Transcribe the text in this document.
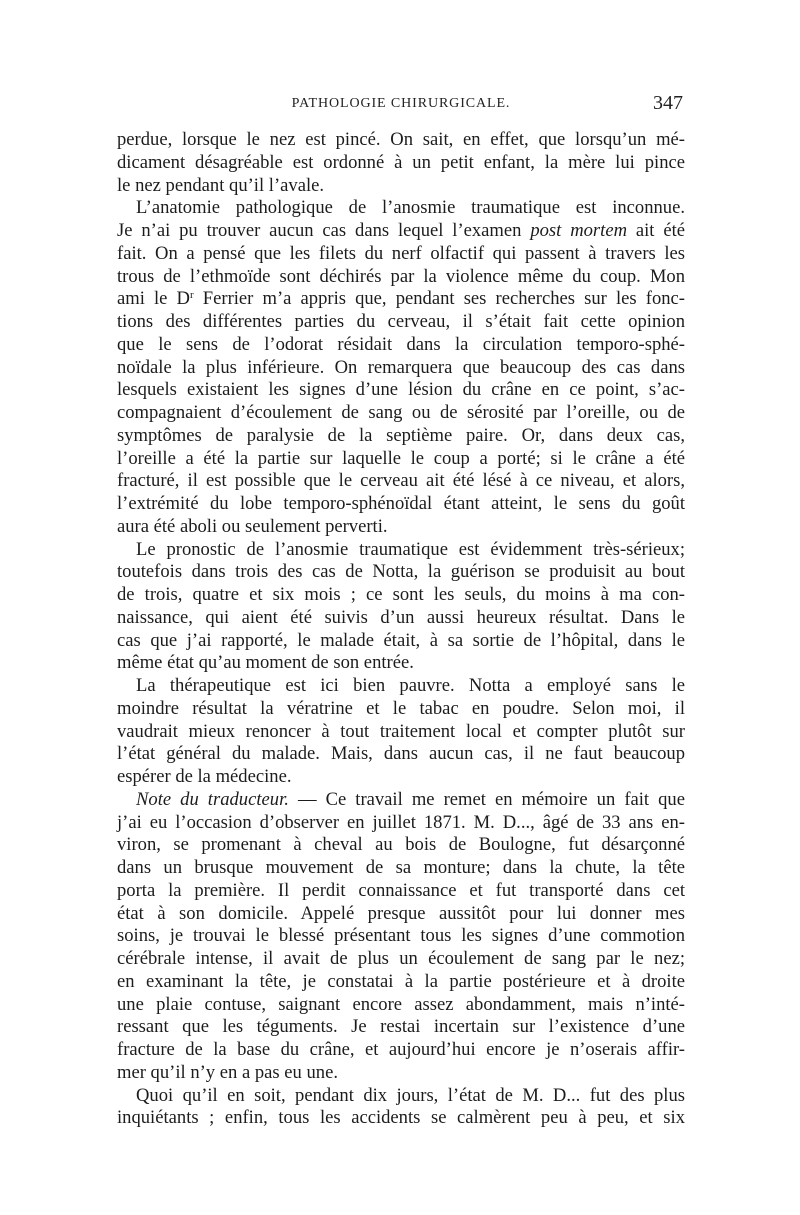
PATHOLOGIE CHIRURGICALE.	347
perdue, lorsque le nez est pincé. On sait, en effet, que lorsqu’un mé-
dicament désagréable est ordonné à un petit enfant, la mère lui pince
le nez pendant qu’il l’avale.
L’anatomie pathologique de l’anosmie traumatique est inconnue.
Je n’ai pu trouver aucun cas dans lequel l’examen post mortem ait été
fait. On a pensé que les filets du nerf olfactif qui passent à travers les
trous de l’ethmoïde sont déchirés par la violence même du coup. Mon
ami le $D^r$ Ferrier m’a appris que, pendant ses recherches sur les fonc-
tions des différentes parties du cerveau, il s’était fait cette opinion
que le sens de l’odorat résidait dans la circulation temporo-sphé-
noïdale la plus inférieure. On remarquera que beaucoup des cas dans
lesquels existaient les signes d’une lésion du crâne en ce point, s’ac-
compagnaient d’écoulement de sang ou de sérosité par l’oreille, ou de
symptômes de paralysie de la septième paire. Or, dans deux cas,
l’oreille a été la partie sur laquelle le coup a porté; si le crâne a été
fracturé, il est possible que le cerveau ait été lésé à ce niveau, et alors,
l’extrémité du lobe temporo-sphénoïdal étant atteint, le sens du goût
aura été aboli ou seulement perverti.
Le pronostic de l’anosmie traumatique est évidemment très-sérieux;
toutefois dans trois des cas de Notta, la guérison se produisit au bout
de trois, quatre et six mois ; ce sont les seuls, du moins à ma con-
naissance, qui aient été suivis d’un aussi heureux résultat. Dans le
cas que j’ai rapporté, le malade était, à sa sortie de l’hôpital, dans le
même état qu’au moment de son entrée.
La thérapeutique est ici bien pauvre. Notta a employé sans le
moindre résultat la vératrine et le tabac en poudre. Selon moi, il
vaudrait mieux renoncer à tout traitement local et compter plutôt sur
l’état général du malade. Mais, dans aucun cas, il ne faut beaucoup
espérer de la médecine.
Note du traducteur. — Ce travail me remet en mémoire un fait que
j’ai eu l’occasion d’observer en juillet 1871. M. D..., âgé de 33 ans en-
viron, se promenant à cheval au bois de Boulogne, fut désarçonné
dans un brusque mouvement de sa monture; dans la chute, la tête
porta la première. Il perdit connaissance et fut transporté dans cet
état à son domicile. Appelé presque aussitôt pour lui donner mes
soins, je trouvai le blessé présentant tous les signes d’une commotion
cérébrale intense, il avait de plus un écoulement de sang par le nez;
en examinant la tête, je constatai à la partie postérieure et à droite
une plaie contuse, saignant encore assez abondamment, mais n’inté-
ressant que les téguments. Je restai incertain sur l’existence d’une
fracture de la base du crâne, et aujourd’hui encore je n’oserais affir-
mer qu’il n’y en a pas eu une.
Quoi qu’il en soit, pendant dix jours, l’état de M. D... fut des plus
inquiétants ; enfin, tous les accidents se calmèrent peu à peu, et six
